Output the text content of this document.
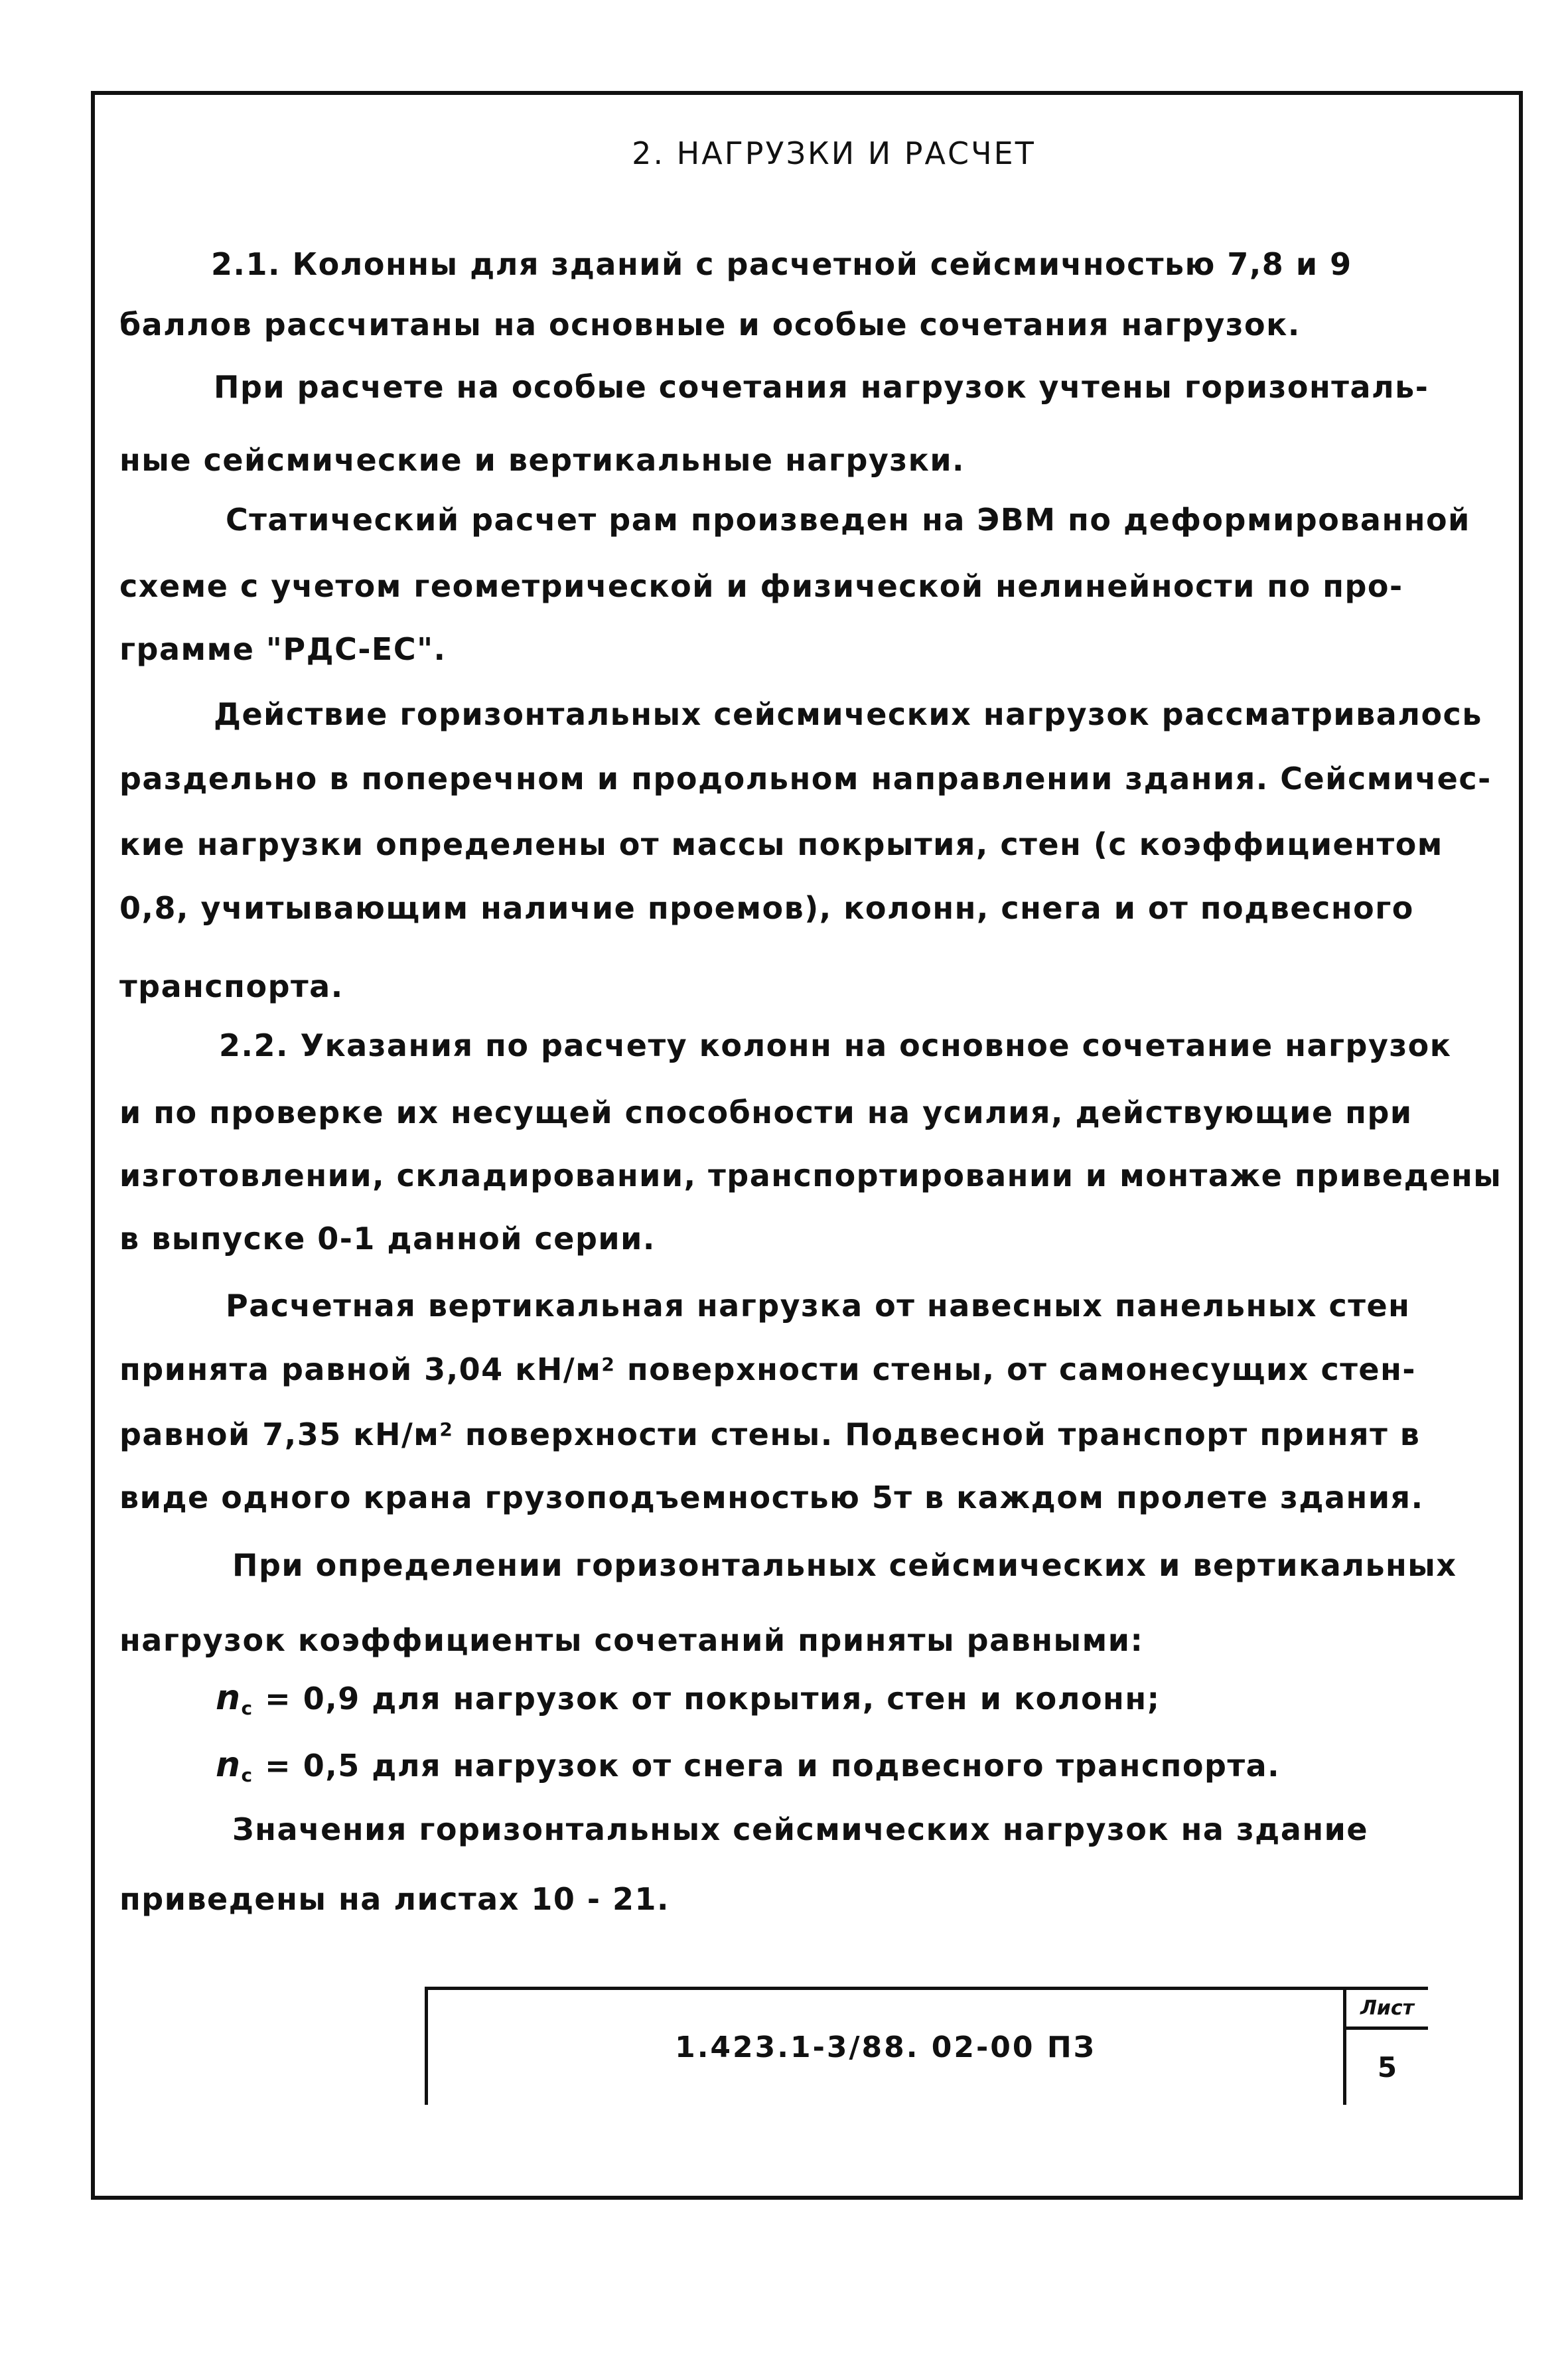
2. НАГРУЗКИ И РАСЧЕТ
2.1. Колонны для зданий с расчетной сейсмичностью 7,8 и 9
баллов рассчитаны на основные и особые сочетания нагрузок.
При расчете на особые сочетания нагрузок учтены горизонталь-
ные сейсмические и вертикальные нагрузки.
Статический расчет рам произведен на ЭВМ по деформированной
схеме с учетом геометрической и физической нелинейности по про-
грамме "РДС-ЕС".
Действие горизонтальных сейсмических нагрузок рассматривалось
раздельно в поперечном и продольном направлении здания. Сейсмичес-
кие нагрузки определены от массы покрытия, стен (с коэффициентом
0,8, учитывающим наличие проемов), колонн, снега и от подвесного
транспорта.
2.2. Указания по расчету колонн на основное сочетание нагрузок
и по проверке их несущей способности на усилия, действующие при
изготовлении, складировании, транспортировании и монтаже приведены
в выпуске 0-1 данной серии.
Расчетная вертикальная нагрузка от навесных панельных стен
принята равной 3,04 $кН/м^2$ поверхности стены, от самонесущих стен-
равной 7,35 $кН/м^2$ поверхности стены. Подвесной транспорт принят в
виде одного крана грузоподъемностью 5т в каждом пролете здания.
При определении горизонтальных сейсмических и вертикальных
нагрузок коэффициенты сочетаний приняты равными:
$n_c = 0,9$ для нагрузок от покрытия, стен и колонн;
$n_c = 0,5$ для нагрузок от снега и подвесного транспорта.
Значения горизонтальных сейсмических нагрузок на здание
приведены на листах 10 - 21.
1.423.1-3/88. 02-00 ПЗ
Лист
5
